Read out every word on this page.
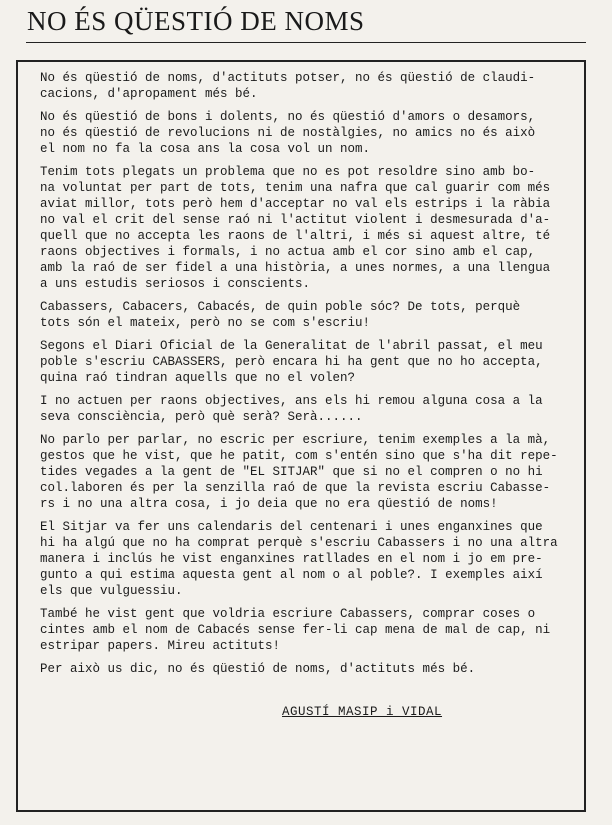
NO ÉS QÜESTIÓ DE NOMS
No és qüestió de noms, d'actituts potser, no és qüestió de claudi-
cacions, d'apropament més bé.
No és qüestió de bons i dolents, no és qüestió d'amors o desamors,
no és qüestió de revolucions ni de nostàlgies, no amics no és això
el nom no fa la cosa ans la cosa vol un nom.
Tenim tots plegats un problema que no es pot resoldre sino amb bo-
na voluntat per part de tots, tenim una nafra que cal guarir com més
aviat millor, tots però hem d'acceptar no val els estrips i la ràbia
no val el crit del sense raó ni l'actitut violent i desmesurada d'a-
quell que no accepta les raons de l'altri, i més si aquest altre, té
raons objectives i formals, i no actua amb el cor sino amb el cap,
amb la raó de ser fidel a una història, a unes normes, a una llengua
a uns estudis seriosos i conscients.
Cabassers, Cabacers, Cabacés, de quin poble sóc? De tots, perquè
tots són el mateix, però no se com s'escriu!
Segons el Diari Oficial de la Generalitat de l'abril passat, el meu
poble s'escriu CABASSERS, però encara hi ha gent que no ho accepta,
quina raó tindran aquells que no el volen?
I no actuen per raons objectives, ans els hi remou alguna cosa a la
seva consciència, però què serà? Serà......
No parlo per parlar, no escric per escriure, tenim exemples a la mà,
gestos que he vist, que he patit, com s'entén sino que s'ha dit repe-
tides vegades a la gent de "EL SITJAR" que si no el compren o no hi
col.laboren és per la senzilla raó de que la revista escriu Cabasse-
rs i no una altra cosa, i jo deia que no era qüestió de noms!
El Sitjar va fer uns calendaris del centenari i unes enganxines que
hi ha algú que no ha comprat perquè s'escriu Cabassers i no una altra
manera i inclús he vist enganxines ratllades en el nom i jo em pre-
gunto a qui estima aquesta gent al nom o al poble?. I exemples així
els que vulguessiu.
També he vist gent que voldria escriure Cabassers, comprar coses o
cintes amb el nom de Cabacés sense fer-li cap mena de mal de cap, ni
estripar papers. Mireu actituts!
Per això us dic, no és qüestió de noms, d'actituts més bé.
AGUSTÍ MASIP i VIDAL
